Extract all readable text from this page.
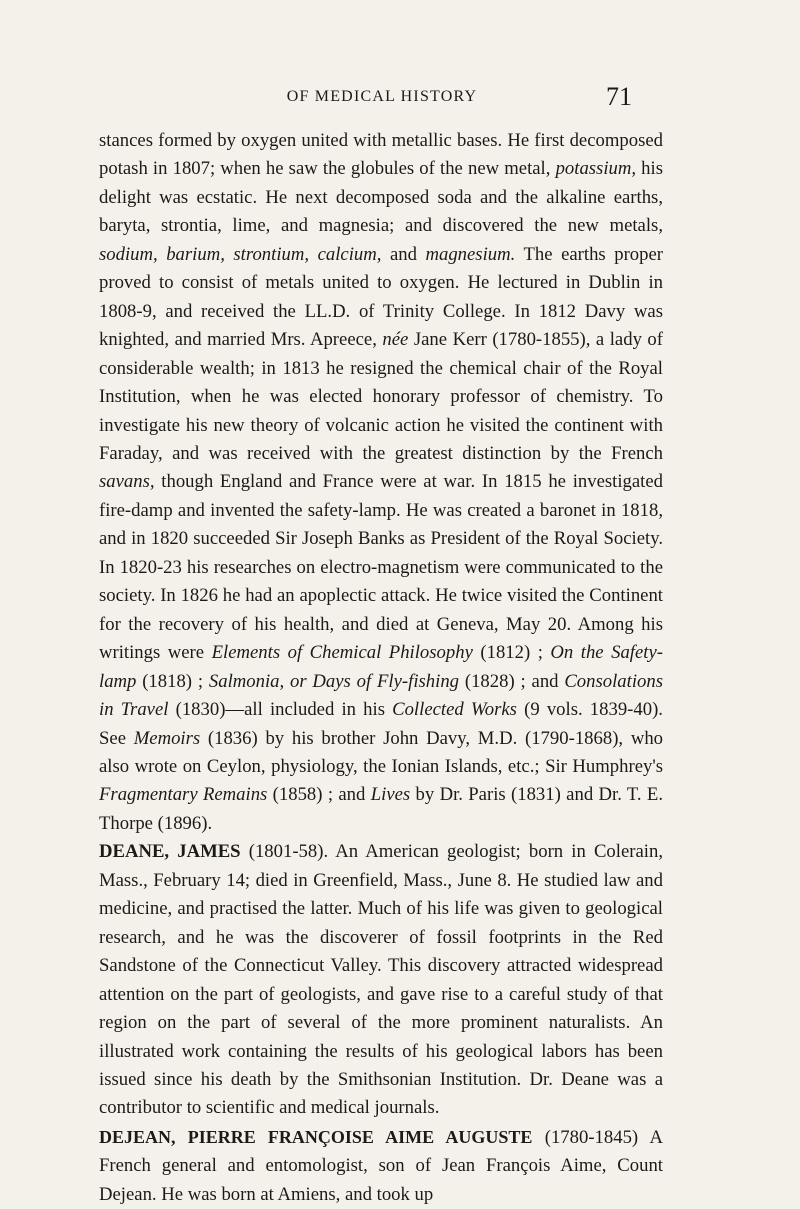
OF MEDICAL HISTORY	71

stances formed by oxygen united with metallic bases. He first decomposed potash in 1807; when he saw the globules of the new metal, potassium, his delight was ecstatic. He next decomposed soda and the alkaline earths, baryta, strontia, lime, and magnesia; and discovered the new metals, sodium, barium, strontium, calcium, and magnesium. The earths proper proved to consist of metals united to oxygen. He lectured in Dublin in 1808-9, and received the LL.D. of Trinity College. In 1812 Davy was knighted, and married Mrs. Apreece, née Jane Kerr (1780-1855), a lady of considerable wealth; in 1813 he resigned the chemical chair of the Royal Institution, when he was elected honorary professor of chemistry. To investigate his new theory of volcanic action he visited the continent with Faraday, and was received with the greatest distinction by the French savans, though England and France were at war. In 1815 he investigated fire-damp and invented the safety-lamp. He was created a baronet in 1818, and in 1820 succeeded Sir Joseph Banks as President of the Royal Society. In 1820-23 his researches on electro-magnetism were communicated to the society. In 1826 he had an apoplectic attack. He twice visited the Continent for the recovery of his health, and died at Geneva, May 20. Among his writings were Elements of Chemical Philosophy (1812) ; On the Safety-lamp (1818) ; Salmonia, or Days of Fly-fishing (1828) ; and Consolations in Travel (1830)—all included in his Collected Works (9 vols. 1839-40). See Memoirs (1836) by his brother John Davy, M.D. (1790-1868), who also wrote on Ceylon, physiology, the Ionian Islands, etc.; Sir Humphrey's Fragmentary Remains (1858) ; and Lives by Dr. Paris (1831) and Dr. T. E. Thorpe (1896).

DEANE, JAMES (1801-58). An American geologist; born in Colerain, Mass., February 14; died in Greenfield, Mass., June 8. He studied law and medicine, and practised the latter. Much of his life was given to geological research, and he was the discoverer of fossil footprints in the Red Sandstone of the Connecticut Valley. This discovery attracted widespread attention on the part of geologists, and gave rise to a careful study of that region on the part of several of the more prominent naturalists. An illustrated work containing the results of his geological labors has been issued since his death by the Smithsonian Institution. Dr. Deane was a contributor to scientific and medical journals.

DEJEAN, PIERRE FRANÇOISE AIME AUGUSTE (1780-1845) A French general and entomologist, son of Jean François Aime, Count Dejean. He was born at Amiens, and took up
